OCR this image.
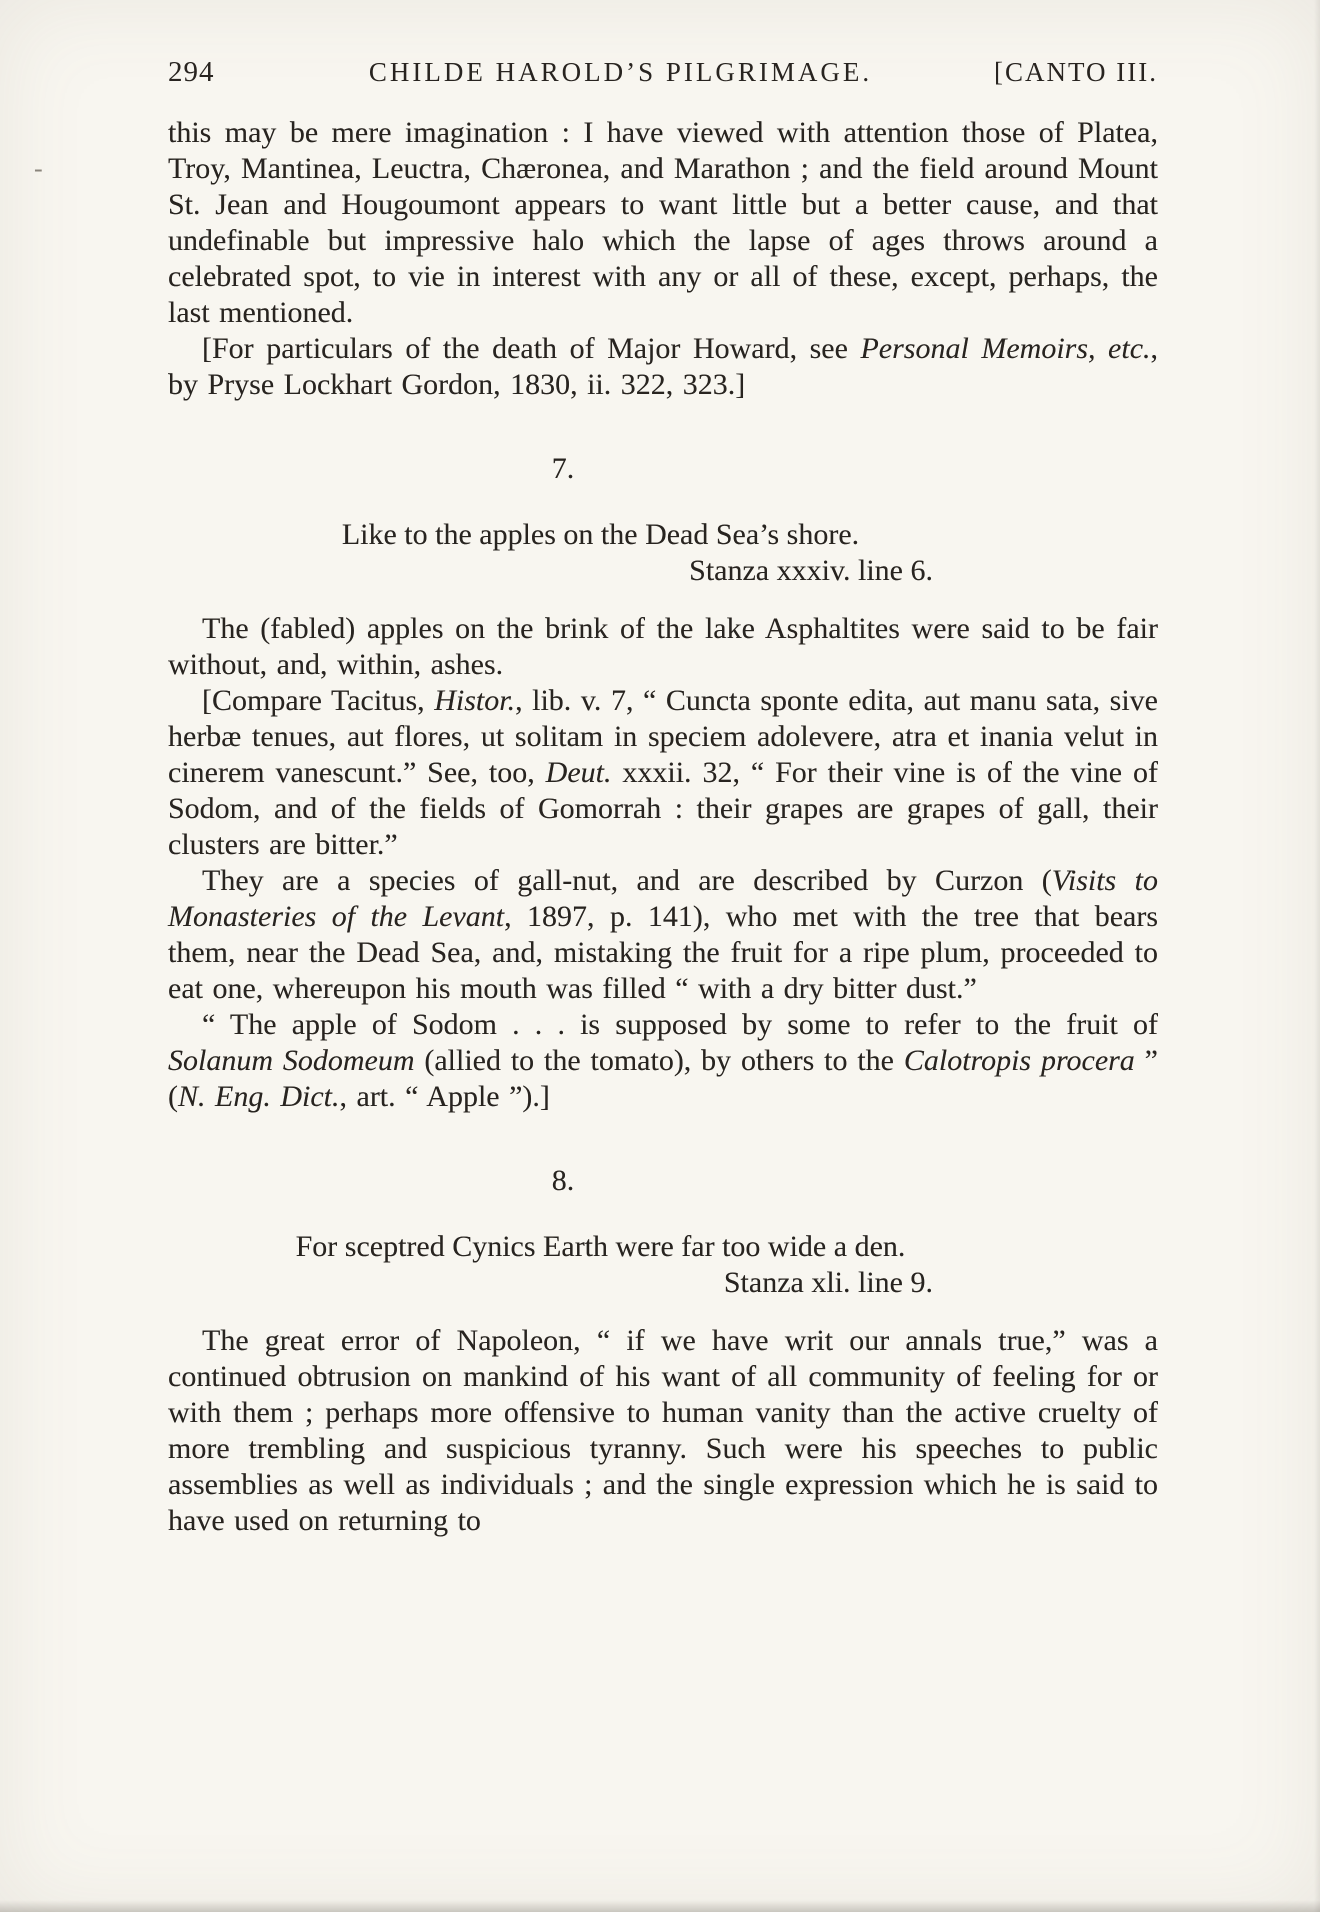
-
294	CHILDE HAROLD’S PILGRIMAGE.	[CANTO III.

this may be mere imagination : I have viewed with attention those of Platea, Troy, Mantinea, Leuctra, Chæronea, and Marathon ; and the field around Mount St. Jean and Hougoumont appears to want little but a better cause, and that undefinable but impressive halo which the lapse of ages throws around a celebrated spot, to vie in interest with any or all of these, except, perhaps, the last mentioned.

[For particulars of the death of Major Howard, see Personal Memoirs, etc., by Pryse Lockhart Gordon, 1830, ii. 322, 323.]

7.

Like to the apples on the Dead Sea’s shore.

Stanza xxxiv. line 6.

The (fabled) apples on the brink of the lake Asphaltites were said to be fair without, and, within, ashes.

[Compare Tacitus, Histor., lib. v. 7, “ Cuncta sponte edita, aut manu sata, sive herbæ tenues, aut flores, ut solitam in speciem adolevere, atra et inania velut in cinerem vanescunt.” See, too, Deut. xxxii. 32, “ For their vine is of the vine of Sodom, and of the fields of Gomorrah : their grapes are grapes of gall, their clusters are bitter.”

They are a species of gall-nut, and are described by Curzon (Visits to Monasteries of the Levant, 1897, p. 141), who met with the tree that bears them, near the Dead Sea, and, mistaking the fruit for a ripe plum, proceeded to eat one, whereupon his mouth was filled “ with a dry bitter dust.”

“ The apple of Sodom . . . is supposed by some to refer to the fruit of Solanum Sodomeum (allied to the tomato), by others to the Calotropis procera ” (N. Eng. Dict., art. “ Apple ”).]

8.

For sceptred Cynics Earth were far too wide a den.

Stanza xli. line 9.

The great error of Napoleon, “ if we have writ our annals true,” was a continued obtrusion on mankind of his want of all community of feeling for or with them ; perhaps more offensive to human vanity than the active cruelty of more trembling and suspicious tyranny. Such were his speeches to public assemblies as well as individuals ; and the single expression which he is said to have used on returning to
